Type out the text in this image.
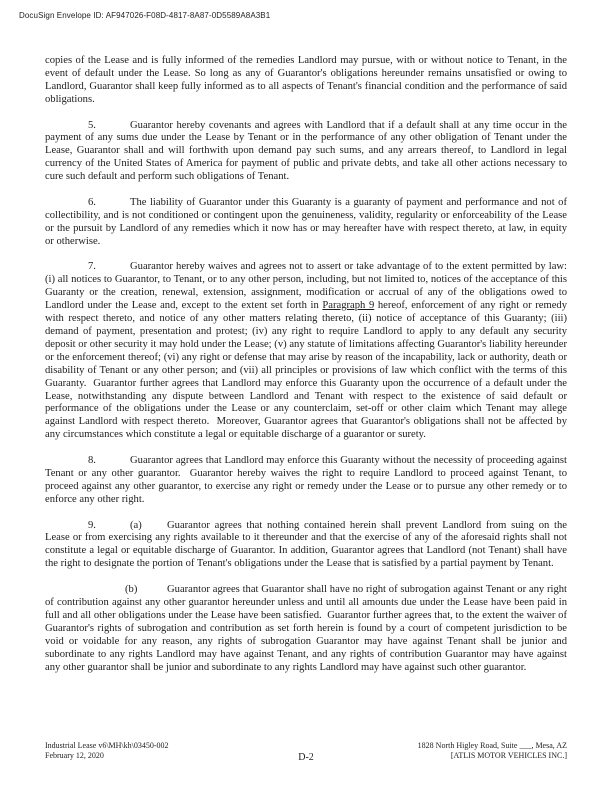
DocuSign Envelope ID: AF947026-F08D-4817-8A87-0D5589A8A3B1

copies of the Lease and is fully informed of the remedies Landlord may pursue, with or without notice to Tenant, in the event of default under the Lease. So long as any of Guarantor's obligations hereunder remains unsatisfied or owing to Landlord, Guarantor shall keep fully informed as to all aspects of Tenant's financial condition and the performance of said obligations.

5.	Guarantor hereby covenants and agrees with Landlord that if a default shall at any time occur in the payment of any sums due under the Lease by Tenant or in the performance of any other obligation of Tenant under the Lease, Guarantor shall and will forthwith upon demand pay such sums, and any arrears thereof, to Landlord in legal currency of the United States of America for payment of public and private debts, and take all other actions necessary to cure such default and perform such obligations of Tenant.

6.	The liability of Guarantor under this Guaranty is a guaranty of payment and performance and not of collectibility, and is not conditioned or contingent upon the genuineness, validity, regularity or enforceability of the Lease or the pursuit by Landlord of any remedies which it now has or may hereafter have with respect thereto, at law, in equity or otherwise.

7.	Guarantor hereby waives and agrees not to assert or take advantage of to the extent permitted by law: (i) all notices to Guarantor, to Tenant, or to any other person, including, but not limited to, notices of the acceptance of this Guaranty or the creation, renewal, extension, assignment, modification or accrual of any of the obligations owed to Landlord under the Lease and, except to the extent set forth in Paragraph 9 hereof, enforcement of any right or remedy with respect thereto, and notice of any other matters relating thereto, (ii) notice of acceptance of this Guaranty; (iii) demand of payment, presentation and protest; (iv) any right to require Landlord to apply to any default any security deposit or other security it may hold under the Lease; (v) any statute of limitations affecting Guarantor's liability hereunder or the enforcement thereof; (vi) any right or defense that may arise by reason of the incapability, lack or authority, death or disability of Tenant or any other person; and (vii) all principles or provisions of law which conflict with the terms of this Guaranty.  Guarantor further agrees that Landlord may enforce this Guaranty upon the occurrence of a default under the Lease, notwithstanding any dispute between Landlord and Tenant with respect to the existence of said default or performance of the obligations under the Lease or any counterclaim, set-off or other claim which Tenant may allege against Landlord with respect thereto.  Moreover, Guarantor agrees that Guarantor's obligations shall not be affected by any circumstances which constitute a legal or equitable discharge of a guarantor or surety.

8.	Guarantor agrees that Landlord may enforce this Guaranty without the necessity of proceeding against Tenant or any other guarantor.  Guarantor hereby waives the right to require Landlord to proceed against Tenant, to proceed against any other guarantor, to exercise any right or remedy under the Lease or to pursue any other remedy or to enforce any other right.

9.	(a) Guarantor agrees that nothing contained herein shall prevent Landlord from suing on the Lease or from exercising any rights available to it thereunder and that the exercise of any of the aforesaid rights shall not constitute a legal or equitable discharge of Guarantor. In addition, Guarantor agrees that Landlord (not Tenant) shall have the right to designate the portion of Tenant's obligations under the Lease that is satisfied by a partial payment by Tenant.

(b)	Guarantor agrees that Guarantor shall have no right of subrogation against Tenant or any right of contribution against any other guarantor hereunder unless and until all amounts due under the Lease have been paid in full and all other obligations under the Lease have been satisfied.  Guarantor further agrees that, to the extent the waiver of Guarantor's rights of subrogation and contribution as set forth herein is found by a court of competent jurisdiction to be void or voidable for any reason, any rights of subrogation Guarantor may have against Tenant shall be junior and subordinate to any rights Landlord may have against Tenant, and any rights of contribution Guarantor may have against any other guarantor shall be junior and subordinate to any rights Landlord may have against such other guarantor.

Industrial Lease v6\MH\kh\03450-002
February 12, 2020
1828 North Higley Road, Suite ___, Mesa, AZ
[ATLIS MOTOR VEHICLES INC.]
D-2
